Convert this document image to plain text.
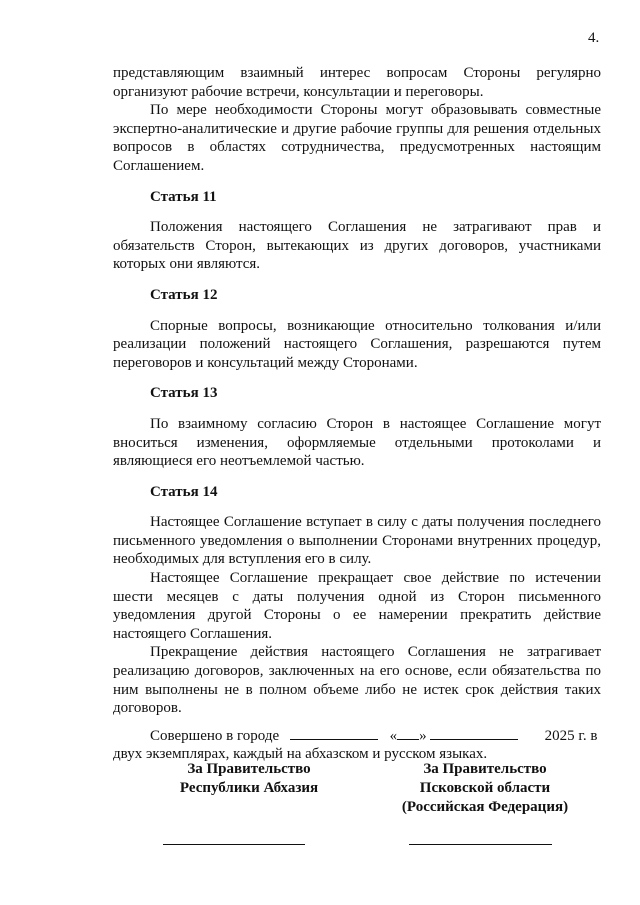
4.

представляющим взаимный интерес вопросам Стороны регулярно организуют рабочие встречи, консультации и переговоры.

По мере необходимости Стороны могут образовывать совместные экспертно-аналитические и другие рабочие группы для решения отдельных вопросов в областях сотрудничества, предусмотренных настоящим Соглашением.

Статья 11

Положения настоящего Соглашения не затрагивают прав и обязательств Сторон, вытекающих из других договоров, участниками которых они являются.

Статья 12

Спорные вопросы, возникающие относительно толкования и/или реализации положений настоящего Соглашения, разрешаются путем переговоров и консультаций между Сторонами.

Статья 13

По взаимному согласию Сторон в настоящее Соглашение могут вноситься изменения, оформляемые отдельными протоколами и являющиеся его неотъемлемой частью.

Статья 14

Настоящее Соглашение вступает в силу с даты получения последнего письменного уведомления о выполнении Сторонами внутренних процедур, необходимых для вступления его в силу.

Настоящее Соглашение прекращает свое действие по истечении шести месяцев с даты получения одной из Сторон письменного уведомления другой Стороны о ее намерении прекратить действие настоящего Соглашения.

Прекращение действия настоящего Соглашения не затрагивает реализацию договоров, заключенных на его основе, если обязательства по ним выполнены не в полном объеме либо не истек срок действия таких договоров.

Совершено в городе	« »	2025 г. в

двух экземплярах, каждый на абхазском и русском языках.

За Правительство
Республики Абхазия
За Правительство
Псковской области
(Российская Федерация)
